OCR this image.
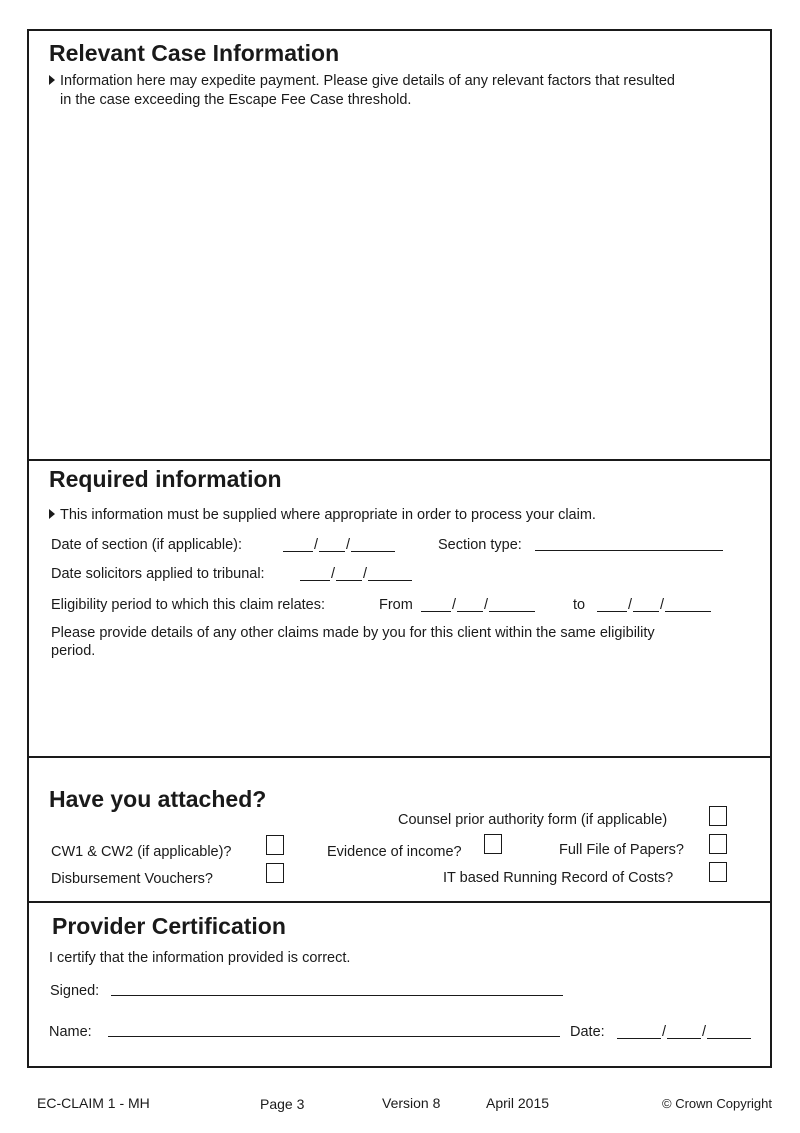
Relevant Case Information
Information here may expedite payment. Please give details of any relevant factors that resulted
in the case exceeding the Escape Fee Case threshold.
Required information
This information must be supplied where appropriate in order to process your claim.
Date of section (if applicable):	/ /	Section type:
Date solicitors applied to tribunal:	/ /
Eligibility period to which this claim relates:	From	/ /	to	/ /
Please provide details of any other claims made by you for this client within the same eligibility
period.
Have you attached?
Counsel prior authority form (if applicable)
CW1 & CW2 (if applicable)?	Evidence of income?	Full File of Papers?
Disbursement Vouchers?	IT based Running Record of Costs?
Provider Certification
I certify that the information provided is correct.
Signed:
Name:	Date:	/ /
EC-CLAIM 1 - MH	Page 3	Version 8	April 2015	© Crown Copyright
